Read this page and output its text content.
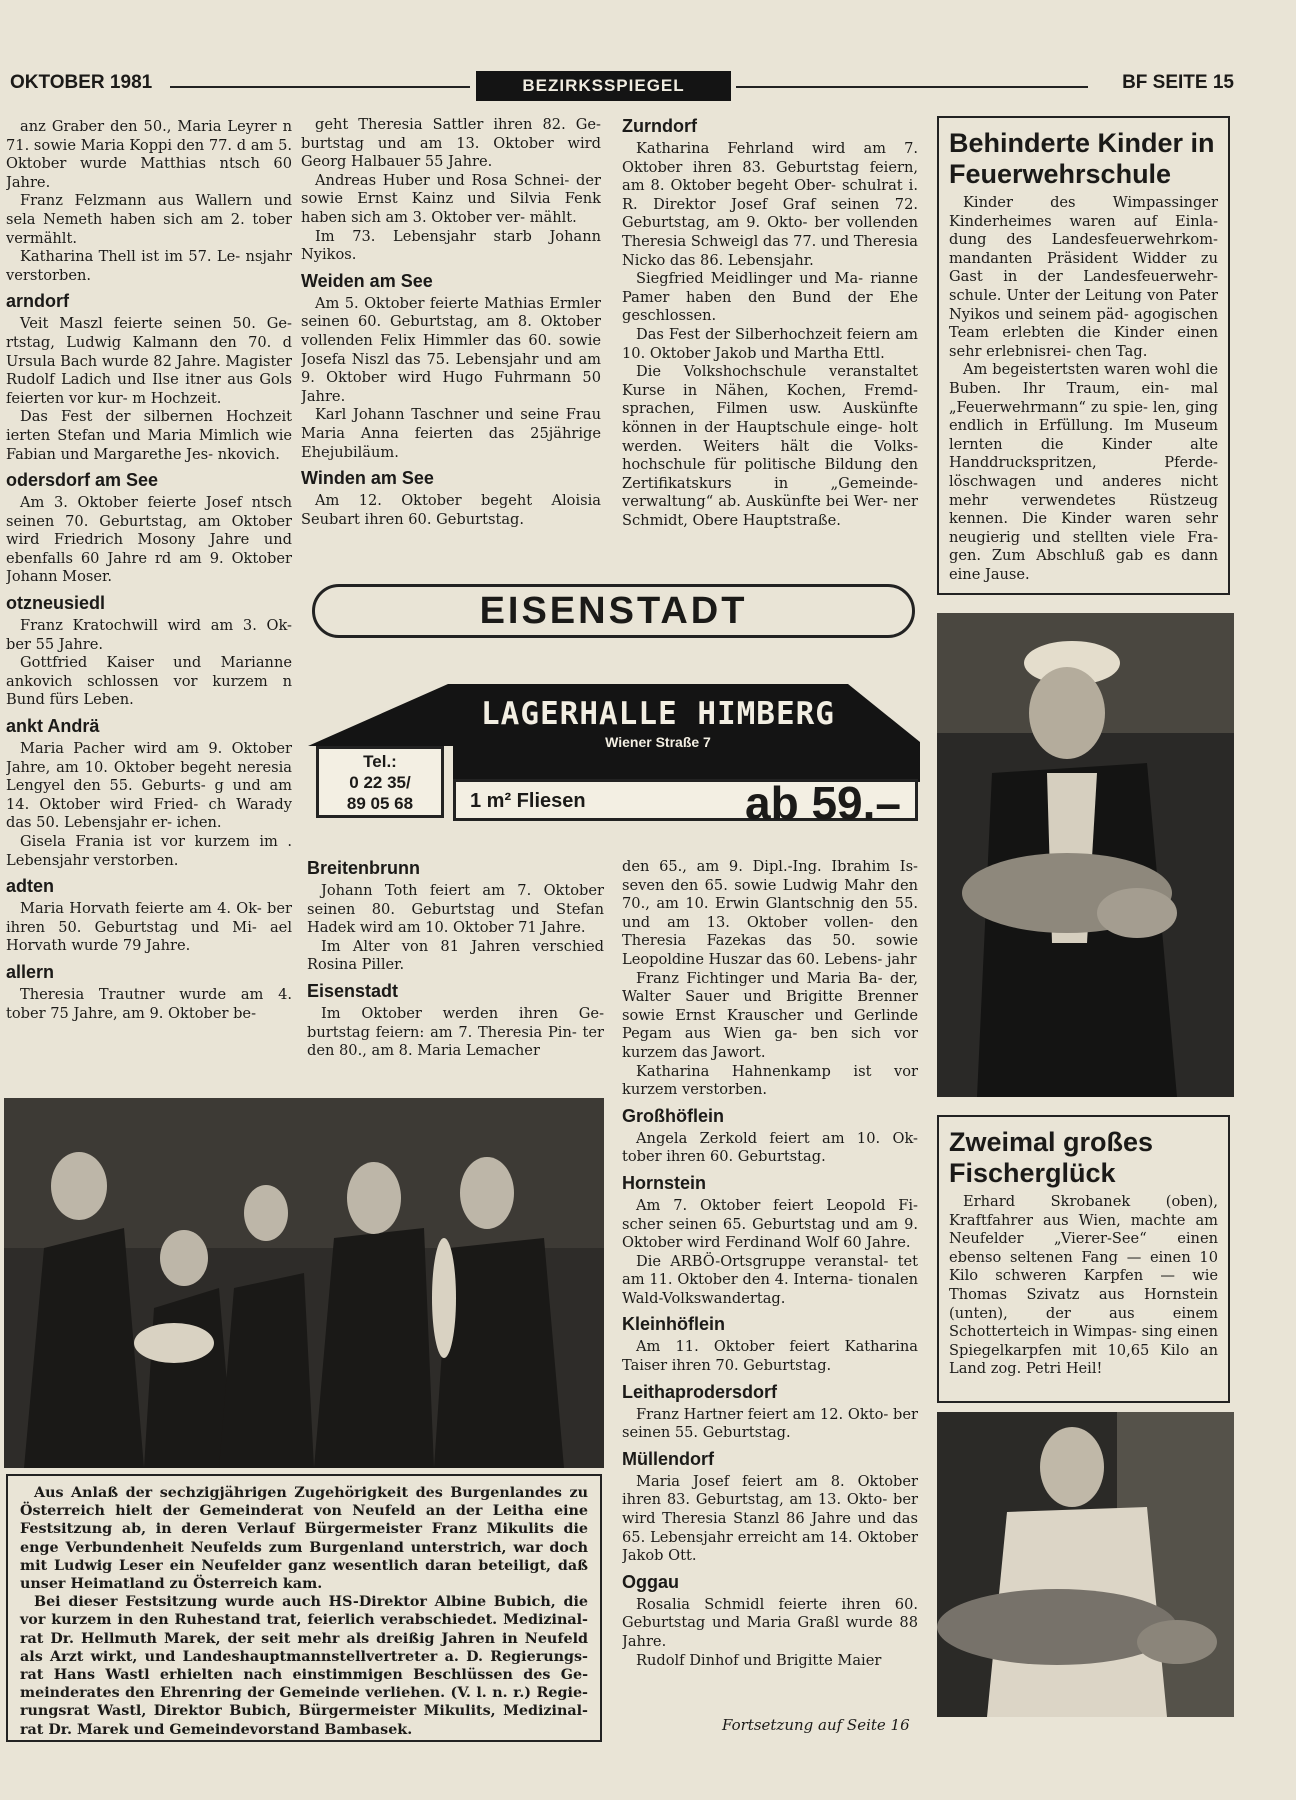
OKTOBER 1981	BEZIRKSSPIEGEL	BF SEITE 15

anz Graber den 50., Maria Leyrer n 71. sowie Maria Koppi den 77. d am 5. Oktober wurde Matthias ntsch 60 Jahre.

Franz Felzmann aus Wallern und sela Nemeth haben sich am 2. tober vermählt.

Katharina Thell ist im 57. Le- nsjahr verstorben.

arndorf

Veit Maszl feierte seinen 50. Ge- rtstag, Ludwig Kalmann den 70. d Ursula Bach wurde 82 Jahre. Magister Rudolf Ladich und Ilse itner aus Gols feierten vor kur- m Hochzeit.

Das Fest der silbernen Hochzeit ierten Stefan und Maria Mimlich wie Fabian und Margarethe Jes- nkovich.

odersdorf am See

Am 3. Oktober feierte Josef ntsch seinen 70. Geburtstag, am Oktober wird Friedrich Mosony Jahre und ebenfalls 60 Jahre rd am 9. Oktober Johann Moser.

otzneusiedl

Franz Kratochwill wird am 3. Ok- ber 55 Jahre.

Gottfried Kaiser und Marianne ankovich schlossen vor kurzem n Bund fürs Leben.

ankt Andrä

Maria Pacher wird am 9. Oktober Jahre, am 10. Oktober begeht neresia Lengyel den 55. Geburts- g und am 14. Oktober wird Fried- ch Warady das 50. Lebensjahr er- ichen.

Gisela Frania ist vor kurzem im . Lebensjahr verstorben.

adten

Maria Horvath feierte am 4. Ok- ber ihren 50. Geburtstag und Mi- ael Horvath wurde 79 Jahre.

allern

Theresia Trautner wurde am 4. tober 75 Jahre, am 9. Oktober be-

geht Theresia Sattler ihren 82. Ge- burtstag und am 13. Oktober wird Georg Halbauer 55 Jahre.

Andreas Huber und Rosa Schnei- der sowie Ernst Kainz und Silvia Fenk haben sich am 3. Oktober ver- mählt.

Im 73. Lebensjahr starb Johann Nyikos.

Weiden am See

Am 5. Oktober feierte Mathias Ermler seinen 60. Geburtstag, am 8. Oktober vollenden Felix Himmler das 60. sowie Josefa Niszl das 75. Lebensjahr und am 9. Oktober wird Hugo Fuhrmann 50 Jahre.

Karl Johann Taschner und seine Frau Maria Anna feierten das 25jährige Ehejubiläum.

Winden am See

Am 12. Oktober begeht Aloisia Seubart ihren 60. Geburtstag.

Zurndorf

Katharina Fehrland wird am 7. Oktober ihren 83. Geburtstag feiern, am 8. Oktober begeht Ober- schulrat i. R. Direktor Josef Graf seinen 72. Geburtstag, am 9. Okto- ber vollenden Theresia Schweigl das 77. und Theresia Nicko das 86. Lebensjahr.

Siegfried Meidlinger und Ma- rianne Pamer haben den Bund der Ehe geschlossen.

Das Fest der Silberhochzeit feiern am 10. Oktober Jakob und Martha Ettl.

Die Volkshochschule veranstaltet Kurse in Nähen, Kochen, Fremd- sprachen, Filmen usw. Auskünfte können in der Hauptschule einge- holt werden. Weiters hält die Volks- hochschule für politische Bildung den Zertifikatskurs in „Gemeinde- verwaltung“ ab. Auskünfte bei Wer- ner Schmidt, Obere Hauptstraße.

Behinderte Kinder in Feuerwehrschule

Kinder des Wimpassinger Kinderheimes waren auf Einla- dung des Landesfeuerwehrkom- mandanten Präsident Widder zu Gast in der Landesfeuerwehr- schule. Unter der Leitung von Pater Nyikos und seinem päd- agogischen Team erlebten die Kinder einen sehr erlebnisrei- chen Tag.

Am begeistertsten waren wohl die Buben. Ihr Traum, ein- mal „Feuerwehrmann“ zu spie- len, ging endlich in Erfüllung. Im Museum lernten die Kinder alte Handdruckspritzen, Pferde- löschwagen und anderes nicht mehr verwendetes Rüstzeug kennen. Die Kinder waren sehr neugierig und stellten viele Fra- gen. Zum Abschluß gab es dann eine Jause.

EISENSTADT
LAGERHALLE HIMBERG
Wiener Straße 7
Tel.:
0 22 35/
89 05 68	1 m² Fliesen	ab 59.–
Breitenbrunn

Johann Toth feiert am 7. Oktober seinen 80. Geburtstag und Stefan Hadek wird am 10. Oktober 71 Jahre.

Im Alter von 81 Jahren verschied Rosina Piller.

Eisenstadt

Im Oktober werden ihren Ge- burtstag feiern: am 7. Theresia Pin- ter den 80., am 8. Maria Lemacher

den 65., am 9. Dipl.-Ing. Ibrahim Is- seven den 65. sowie Ludwig Mahr den 70., am 10. Erwin Glantschnig den 55. und am 13. Oktober vollen- den Theresia Fazekas das 50. sowie Leopoldine Huszar das 60. Lebens- jahr

Franz Fichtinger und Maria Ba- der, Walter Sauer und Brigitte Brenner sowie Ernst Krauscher und Gerlinde Pegam aus Wien ga- ben sich vor kurzem das Jawort.

Katharina Hahnenkamp ist vor kurzem verstorben.

Großhöflein

Angela Zerkold feiert am 10. Ok- tober ihren 60. Geburtstag.

Hornstein

Am 7. Oktober feiert Leopold Fi- scher seinen 65. Geburtstag und am 9. Oktober wird Ferdinand Wolf 60 Jahre.

Die ARBÖ-Ortsgruppe veranstal- tet am 11. Oktober den 4. Interna- tionalen Wald-Volkswandertag.

Kleinhöflein

Am 11. Oktober feiert Katharina Taiser ihren 70. Geburtstag.

Leithaprodersdorf

Franz Hartner feiert am 12. Okto- ber seinen 55. Geburtstag.

Müllendorf

Maria Josef feiert am 8. Oktober ihren 83. Geburtstag, am 13. Okto- ber wird Theresia Stanzl 86 Jahre und das 65. Lebensjahr erreicht am 14. Oktober Jakob Ott.

Oggau

Rosalia Schmidl feierte ihren 60. Geburtstag und Maria Graßl wurde 88 Jahre.

Rudolf Dinhof und Brigitte Maier

Aus Anlaß der sechzigjährigen Zugehörigkeit des Burgenlandes zu Österreich hielt der Gemeinderat von Neufeld an der Leitha eine Festsitzung ab, in deren Verlauf Bürgermeister Franz Mikulits die enge Verbundenheit Neufelds zum Burgenland unterstrich, war doch mit Ludwig Leser ein Neufelder ganz wesentlich daran beteiligt, daß unser Heimatland zu Österreich kam.

Bei dieser Festsitzung wurde auch HS-Direktor Albine Bubich, die vor kurzem in den Ruhestand trat, feierlich verabschiedet. Medizinal- rat Dr. Hellmuth Marek, der seit mehr als dreißig Jahren in Neufeld als Arzt wirkt, und Landeshauptmannstellvertreter a. D. Regierungs- rat Hans Wastl erhielten nach einstimmigen Beschlüssen des Ge- meinderates den Ehrenring der Gemeinde verliehen. (V. l. n. r.) Regie- rungsrat Wastl, Direktor Bubich, Bürgermeister Mikulits, Medizinal- rat Dr. Marek und Gemeindevorstand Bambasek.

Zweimal großes Fischerglück

Erhard Skrobanek (oben), Kraftfahrer aus Wien, machte am Neufelder „Vierer-See“ einen ebenso seltenen Fang — einen 10 Kilo schweren Karpfen — wie Thomas Szivatz aus Hornstein (unten), der aus einem Schotterteich in Wimpas- sing einen Spiegelkarpfen mit 10,65 Kilo an Land zog. Petri Heil!

Fortsetzung auf Seite 16
